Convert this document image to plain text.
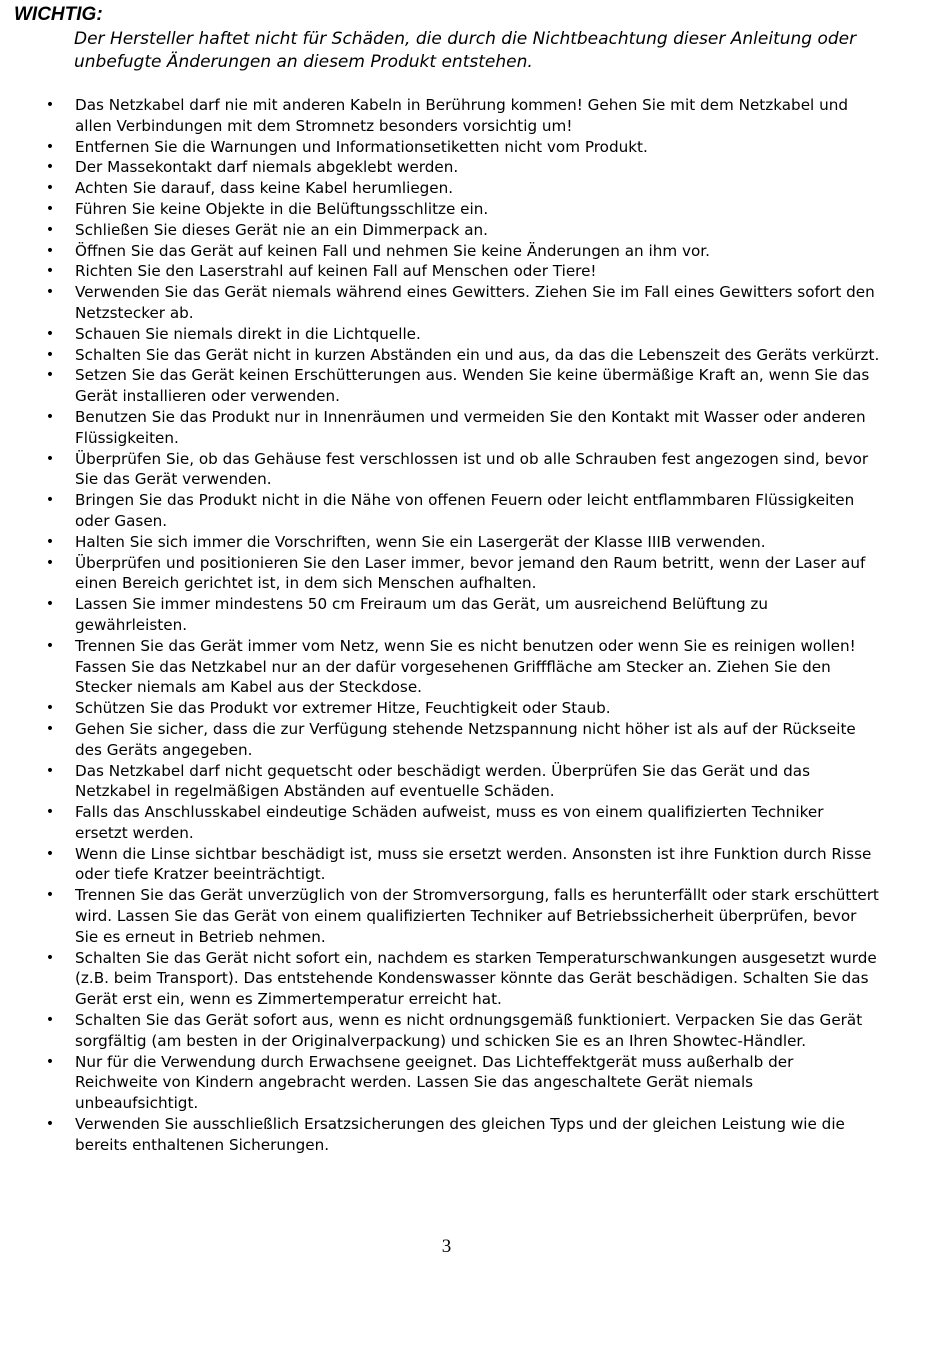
WICHTIG:

Der Hersteller haftet nicht für Schäden, die durch die Nichtbeachtung dieser Anleitung oder unbefugte Änderungen an diesem Produkt entstehen.

• Das Netzkabel darf nie mit anderen Kabeln in Berührung kommen! Gehen Sie mit dem Netzkabel und allen Verbindungen mit dem Stromnetz besonders vorsichtig um!
• Entfernen Sie die Warnungen und Informationsetiketten nicht vom Produkt.
• Der Massekontakt darf niemals abgeklebt werden.
• Achten Sie darauf, dass keine Kabel herumliegen.
• Führen Sie keine Objekte in die Belüftungsschlitze ein.
• Schließen Sie dieses Gerät nie an ein Dimmerpack an.
• Öffnen Sie das Gerät auf keinen Fall und nehmen Sie keine Änderungen an ihm vor.
• Richten Sie den Laserstrahl auf keinen Fall auf Menschen oder Tiere!
• Verwenden Sie das Gerät niemals während eines Gewitters. Ziehen Sie im Fall eines Gewitters sofort den Netzstecker ab.
• Schauen Sie niemals direkt in die Lichtquelle.
• Schalten Sie das Gerät nicht in kurzen Abständen ein und aus, da das die Lebenszeit des Geräts verkürzt.
• Setzen Sie das Gerät keinen Erschütterungen aus. Wenden Sie keine übermäßige Kraft an, wenn Sie das Gerät installieren oder verwenden.
• Benutzen Sie das Produkt nur in Innenräumen und vermeiden Sie den Kontakt mit Wasser oder anderen Flüssigkeiten.
• Überprüfen Sie, ob das Gehäuse fest verschlossen ist und ob alle Schrauben fest angezogen sind, bevor Sie das Gerät verwenden.
• Bringen Sie das Produkt nicht in die Nähe von offenen Feuern oder leicht entflammbaren Flüssigkeiten oder Gasen.
• Halten Sie sich immer die Vorschriften, wenn Sie ein Lasergerät der Klasse IIIB verwenden.
• Überprüfen und positionieren Sie den Laser immer, bevor jemand den Raum betritt, wenn der Laser auf einen Bereich gerichtet ist, in dem sich Menschen aufhalten.
• Lassen Sie immer mindestens 50 cm Freiraum um das Gerät, um ausreichend Belüftung zu gewährleisten.
• Trennen Sie das Gerät immer vom Netz, wenn Sie es nicht benutzen oder wenn Sie es reinigen wollen! Fassen Sie das Netzkabel nur an der dafür vorgesehenen Grifffläche am Stecker an. Ziehen Sie den Stecker niemals am Kabel aus der Steckdose.
• Schützen Sie das Produkt vor extremer Hitze, Feuchtigkeit oder Staub.
• Gehen Sie sicher, dass die zur Verfügung stehende Netzspannung nicht höher ist als auf der Rückseite des Geräts angegeben.
• Das Netzkabel darf nicht gequetscht oder beschädigt werden. Überprüfen Sie das Gerät und das Netzkabel in regelmäßigen Abständen auf eventuelle Schäden.
• Falls das Anschlusskabel eindeutige Schäden aufweist, muss es von einem qualifizierten Techniker ersetzt werden.
• Wenn die Linse sichtbar beschädigt ist, muss sie ersetzt werden. Ansonsten ist ihre Funktion durch Risse oder tiefe Kratzer beeinträchtigt.
• Trennen Sie das Gerät unverzüglich von der Stromversorgung, falls es herunterfällt oder stark erschüttert wird. Lassen Sie das Gerät von einem qualifizierten Techniker auf Betriebssicherheit überprüfen, bevor Sie es erneut in Betrieb nehmen.
• Schalten Sie das Gerät nicht sofort ein, nachdem es starken Temperaturschwankungen ausgesetzt wurde (z.B. beim Transport). Das entstehende Kondenswasser könnte das Gerät beschädigen. Schalten Sie das Gerät erst ein, wenn es Zimmertemperatur erreicht hat.
• Schalten Sie das Gerät sofort aus, wenn es nicht ordnungsgemäß funktioniert. Verpacken Sie das Gerät sorgfältig (am besten in der Originalverpackung) und schicken Sie es an Ihren Showtec-Händler.
• Nur für die Verwendung durch Erwachsene geeignet. Das Lichteffektgerät muss außerhalb der Reichweite von Kindern angebracht werden. Lassen Sie das angeschaltete Gerät niemals unbeaufsichtigt.
• Verwenden Sie ausschließlich Ersatzsicherungen des gleichen Typs und der gleichen Leistung wie die bereits enthaltenen Sicherungen.
3
